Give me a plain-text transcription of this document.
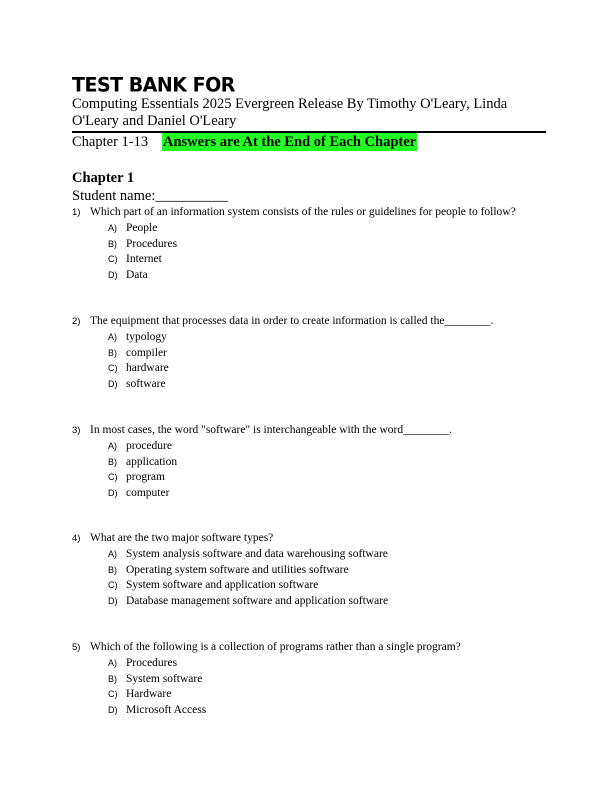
TEST BANK FOR
Computing Essentials 2025 Evergreen Release By Timothy O'Leary, Linda O'Leary and Daniel O'Leary
Chapter 1-13 Answers are At the End of Each Chapter
Chapter 1
Student name:__________
1) Which part of an information system consists of the rules or guidelines for people to follow?
A) People
B) Procedures
C) Internet
D) Data
2) The equipment that processes data in order to create information is called the________.
A) typology
B) compiler
C) hardware
D) software
3) In most cases, the word "software" is interchangeable with the word________.
A) procedure
B) application
C) program
D) computer
4) What are the two major software types?
A) System analysis software and data warehousing software
B) Operating system software and utilities software
C) System software and application software
D) Database management software and application software
5) Which of the following is a collection of programs rather than a single program?
A) Procedures
B) System software
C) Hardware
D) Microsoft Access
